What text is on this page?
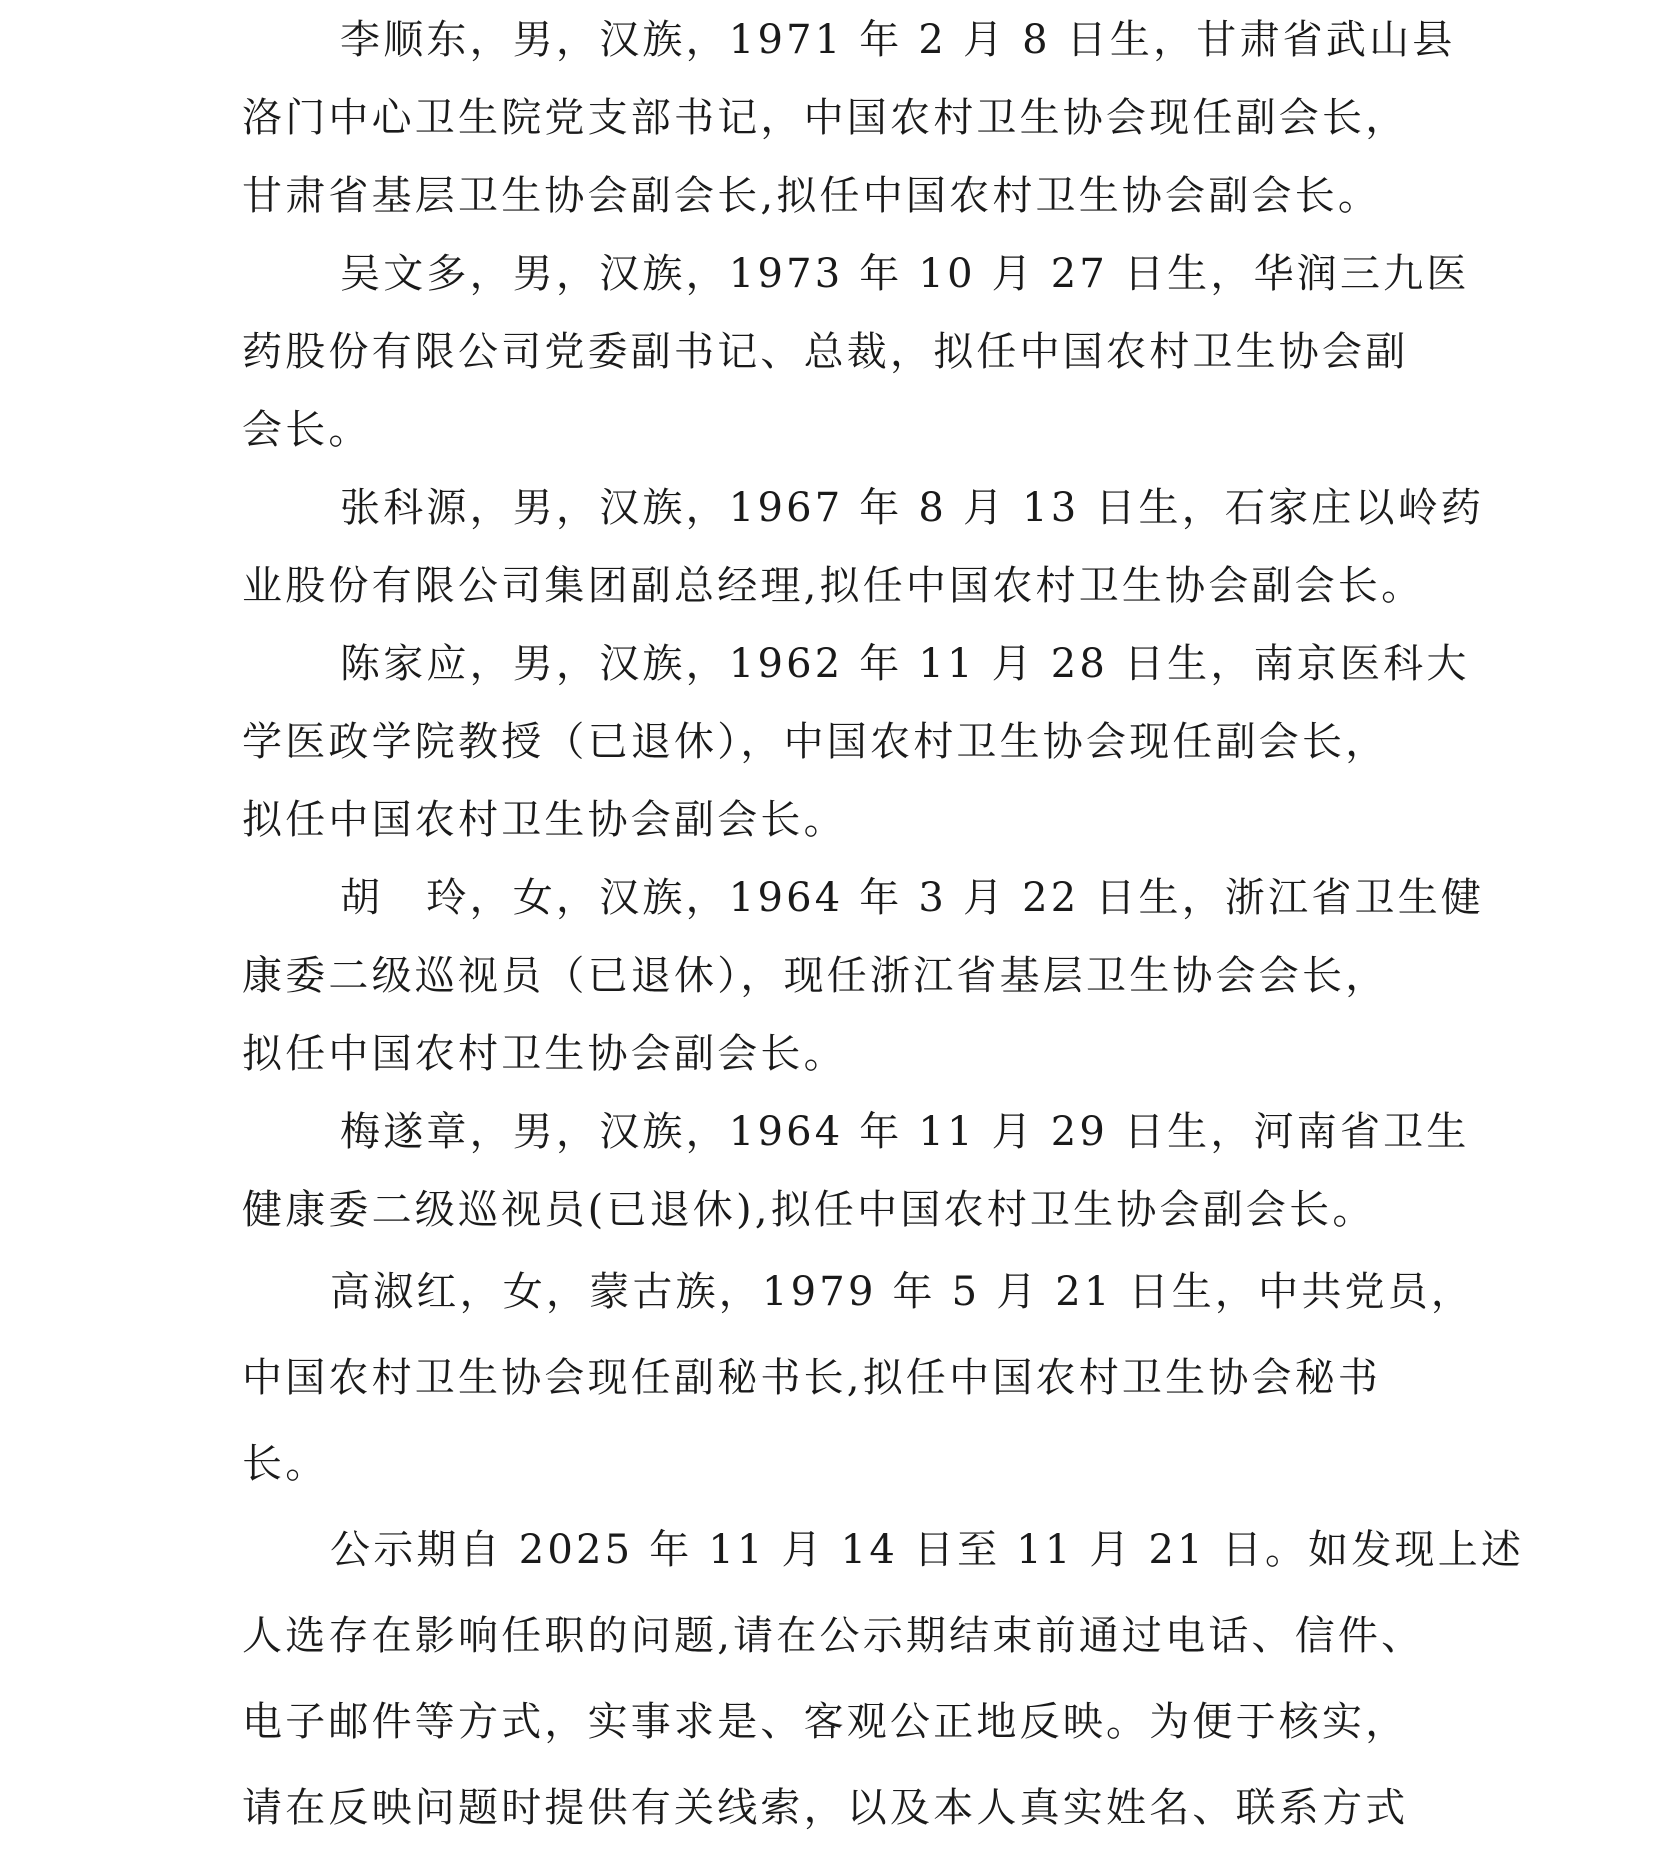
李顺东，男，汉族，1971 年 2 月 8 日生，甘肃省武山县
洛门中心卫生院党支部书记，中国农村卫生协会现任副会长，
甘肃省基层卫生协会副会长,拟任中国农村卫生协会副会长。
吴文多，男，汉族，1973 年 10 月 27 日生，华润三九医
药股份有限公司党委副书记、总裁，拟任中国农村卫生协会副
会长。
张科源，男，汉族，1967 年 8 月 13 日生，石家庄以岭药
业股份有限公司集团副总经理,拟任中国农村卫生协会副会长。
陈家应，男，汉族，1962 年 11 月 28 日生，南京医科大
学医政学院教授（已退休），中国农村卫生协会现任副会长，
拟任中国农村卫生协会副会长。
胡　玲，女，汉族，1964 年 3 月 22 日生，浙江省卫生健
康委二级巡视员（已退休），现任浙江省基层卫生协会会长，
拟任中国农村卫生协会副会长。
梅遂章，男，汉族，1964 年 11 月 29 日生，河南省卫生
健康委二级巡视员(已退休),拟任中国农村卫生协会副会长。
高淑红，女，蒙古族，1979 年 5 月 21 日生，中共党员，
中国农村卫生协会现任副秘书长,拟任中国农村卫生协会秘书
长。
公示期自 2025 年 11 月 14 日至 11 月 21 日。如发现上述
人选存在影响任职的问题,请在公示期结束前通过电话、信件、
电子邮件等方式，实事求是、客观公正地反映。为便于核实，
请在反映问题时提供有关线索，以及本人真实姓名、联系方式
